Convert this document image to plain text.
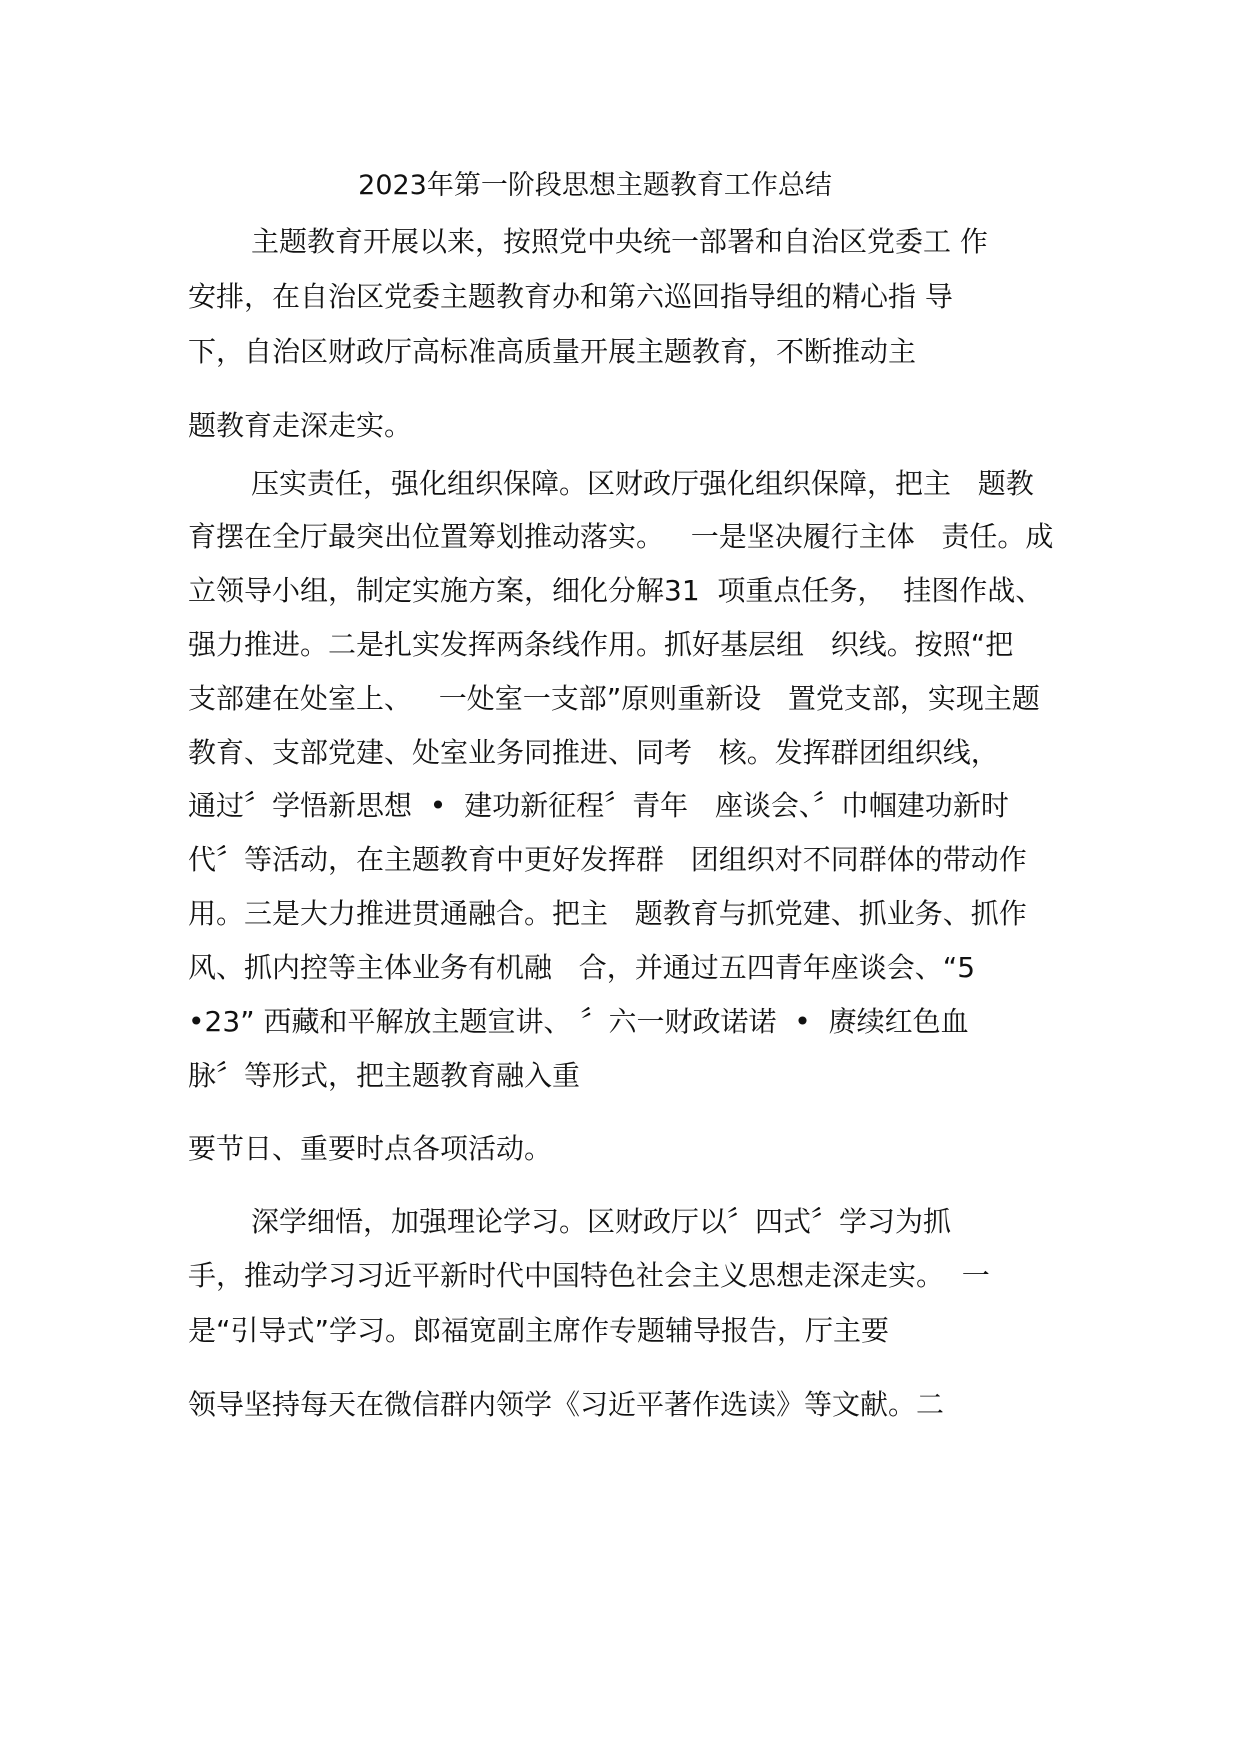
2023年第一阶段思想主题教育工作总结
主题教育开展以来，按照党中央统一部署和自治区党委工 作
安排，在自治区党委主题教育办和第六巡回指导组的精心指 导
下，自治区财政厅高标准高质量开展主题教育，不断推动主
题教育走深走实。
压实责任，强化组织保障。区财政厅强化组织保障，把主   题教
育摆在全厅最突出位置筹划推动落实。   一是坚决履行主体   责任。成
立领导小组，制定实施方案，细化分解31  项重点任务，  挂图作战、
强力推进。二是扎实发挥两条线作用。抓好基层组   织线。按照“把
支部建在处室上、   一处室一支部”原则重新设   置党支部，实现主题
教育、支部党建、处室业务同推进、同考   核。发挥群团组织线，
通过〞学悟新思想  •  建功新征程〞青年   座谈会、〞巾帼建功新时
代〞等活动，在主题教育中更好发挥群   团组织对不同群体的带动作
用。三是大力推进贯通融合。把主   题教育与抓党建、抓业务、抓作
风、抓内控等主体业务有机融   合，并通过五四青年座谈会、“5
•23” 西藏和平解放主题宣讲、 〞六一财政诺诺  •  赓续红色血
脉〞等形式，把主题教育融入重
要节日、重要时点各项活动。
深学细悟，加强理论学习。区财政厅以〞四式〞学习为抓
手，推动学习习近平新时代中国特色社会主义思想走深走实。  一
是“引导式”学习。郎福宽副主席作专题辅导报告，厅主要
领导坚持每天在微信群内领学《习近平著作选读》等文献。二
